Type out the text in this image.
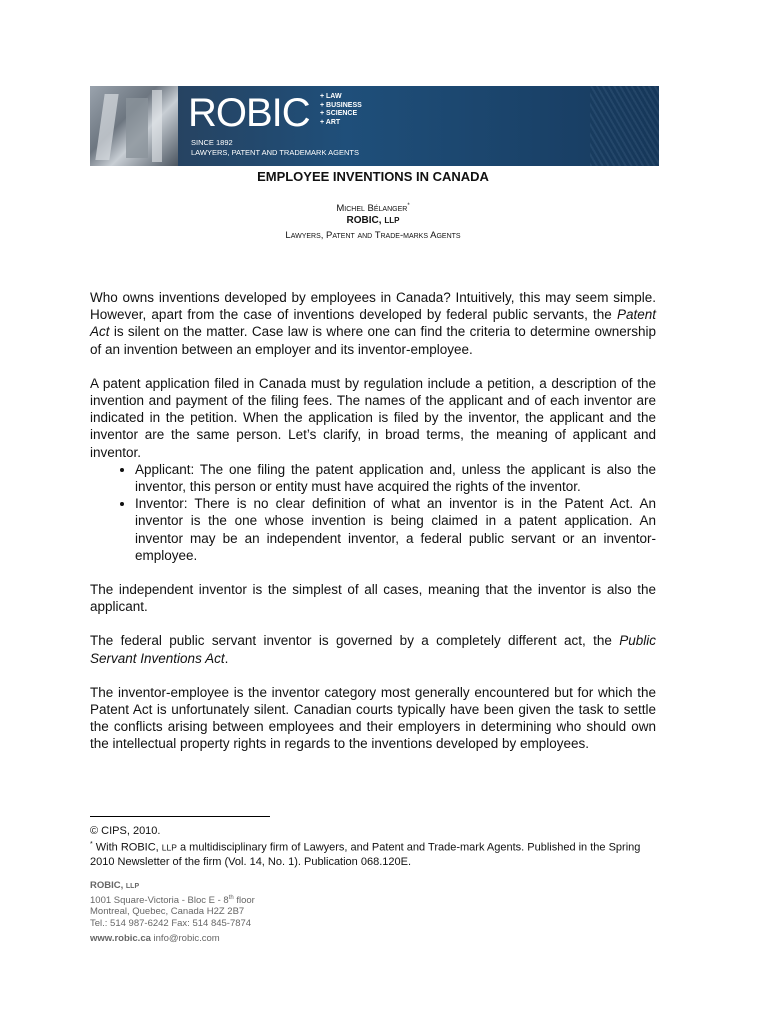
ROBIC + LAW
+ BUSINESS
+ SCIENCE
+ ART
SINCE 1892
LAWYERS, PATENT AND TRADEMARK AGENTS
EMPLOYEE INVENTIONS IN CANADA
Michel Bélanger*
ROBIC, LLP
Lawyers, Patent and Trade-marks Agents

Who owns inventions developed by employees in Canada? Intuitively, this may seem simple. However, apart from the case of inventions developed by federal public servants, the Patent Act is silent on the matter. Case law is where one can find the criteria to determine ownership of an invention between an employer and its inventor-employee.

A patent application filed in Canada must by regulation include a petition, a description of the invention and payment of the filing fees. The names of the applicant and of each inventor are indicated in the petition. When the application is filed by the inventor, the applicant and the inventor are the same person. Let’s clarify, in broad terms, the meaning of applicant and inventor.

• Applicant: The one filing the patent application and, unless the applicant is also the inventor, this person or entity must have acquired the rights of the inventor.
• Inventor: There is no clear definition of what an inventor is in the Patent Act. An inventor is the one whose invention is being claimed in a patent application. An inventor may be an independent inventor, a federal public servant or an inventor-employee.

The independent inventor is the simplest of all cases, meaning that the inventor is also the applicant.

The federal public servant inventor is governed by a completely different act, the Public Servant Inventions Act.

The inventor-employee is the inventor category most generally encountered but for which the Patent Act is unfortunately silent. Canadian courts typically have been given the task to settle the conflicts arising between employees and their employers in determining who should own the intellectual property rights in regards to the inventions developed by employees.

© CIPS, 2010.
* With ROBIC, LLP a multidisciplinary firm of Lawyers, and Patent and Trade-mark Agents. Published in the Spring 2010 Newsletter of the firm (Vol. 14, No. 1). Publication 068.120E.
ROBIC, LLP
1001 Square-Victoria - Bloc E - 8th floor
Montreal, Quebec, Canada H2Z 2B7
Tel.: 514 987-6242 Fax: 514 845-7874
www.robic.ca info@robic.com
